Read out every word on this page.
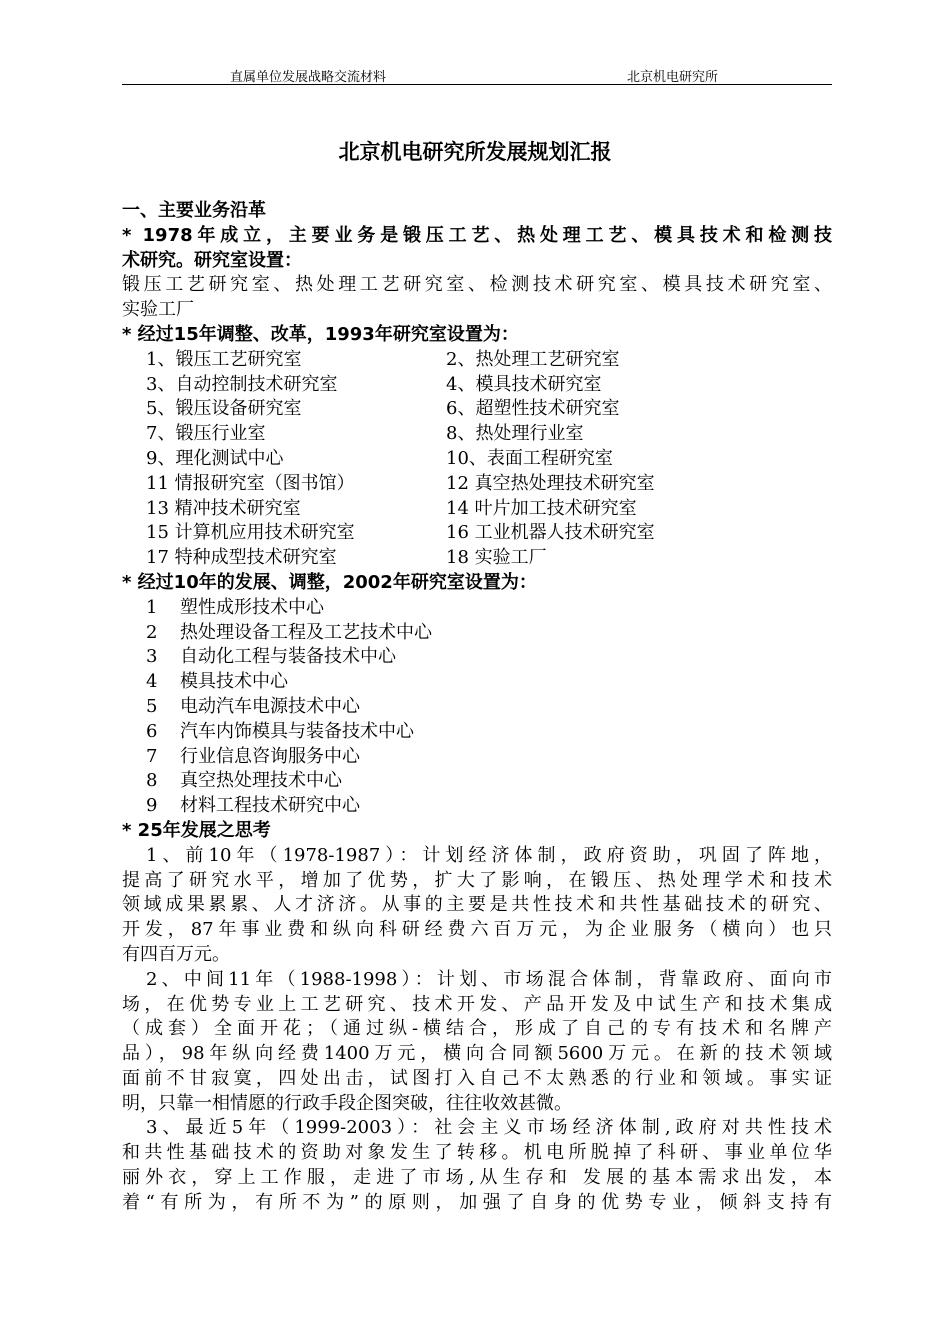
直属单位发展战略交流材料	北京机电研究所
北京机电研究所发展规划汇报
一、主要业务沿革
* 1978年成立，主要业务是锻压工艺、热处理工艺、模具技术和检测技
术研究。研究室设置：
锻压工艺研究室、热处理工艺研究室、检测技术研究室、模具技术研究室、
实验工厂
* 经过15年调整、改革，1993年研究室设置为：
1、锻压工艺研究室	2、热处理工艺研究室
3、自动控制技术研究室	4、模具技术研究室
5、锻压设备研究室	6、超塑性技术研究室
7、锻压行业室	8、热处理行业室
9、理化测试中心	10、表面工程研究室
11 情报研究室（图书馆）	12 真空热处理技术研究室
13 精冲技术研究室	14 叶片加工技术研究室
15 计算机应用技术研究室	16 工业机器人技术研究室
17 特种成型技术研究室	18 实验工厂
* 经过10年的发展、调整，2002年研究室设置为：
1 塑性成形技术中心
2 热处理设备工程及工艺技术中心
3 自动化工程与装备技术中心
4 模具技术中心
5 电动汽车电源技术中心
6 汽车内饰模具与装备技术中心
7 行业信息咨询服务中心
8 真空热处理技术中心
9 材料工程技术研究中心
* 25年发展之思考
1、前10年（1978-1987）：计划经济体制，政府资助，巩固了阵地，
提高了研究水平，增加了优势，扩大了影响，在锻压、热处理学术和技术
领域成果累累、人才济济。从事的主要是共性技术和共性基础技术的研究、
开发，87年事业费和纵向科研经费六百万元，为企业服务（横向）也只
有四百万元。
2、中间11年（1988-1998）：计划、市场混合体制，背靠政府、面向市
场，在优势专业上工艺研究、技术开发、产品开发及中试生产和技术集成
（成套）全面开花；（通过纵-横结合，形成了自己的专有技术和名牌产
品），98年纵向经费1400万元，横向合同额5600万元。在新的技术领域
面前不甘寂寞，四处出击，试图打入自己不太熟悉的行业和领域。事实证
明，只靠一相情愿的行政手段企图突破，往往收效甚微。
3、最近5年（1999-2003）：社会主义市场经济体制,政府对共性技术
和共性基础技术的资助对象发生了转移。机电所脱掉了科研、事业单位华
丽外衣，穿上工作服，走进了市场,从生存和 发展的基本需求出发，本
着“有所为，有所不为”的原则，加强了自身的优势专业，倾斜支持有
